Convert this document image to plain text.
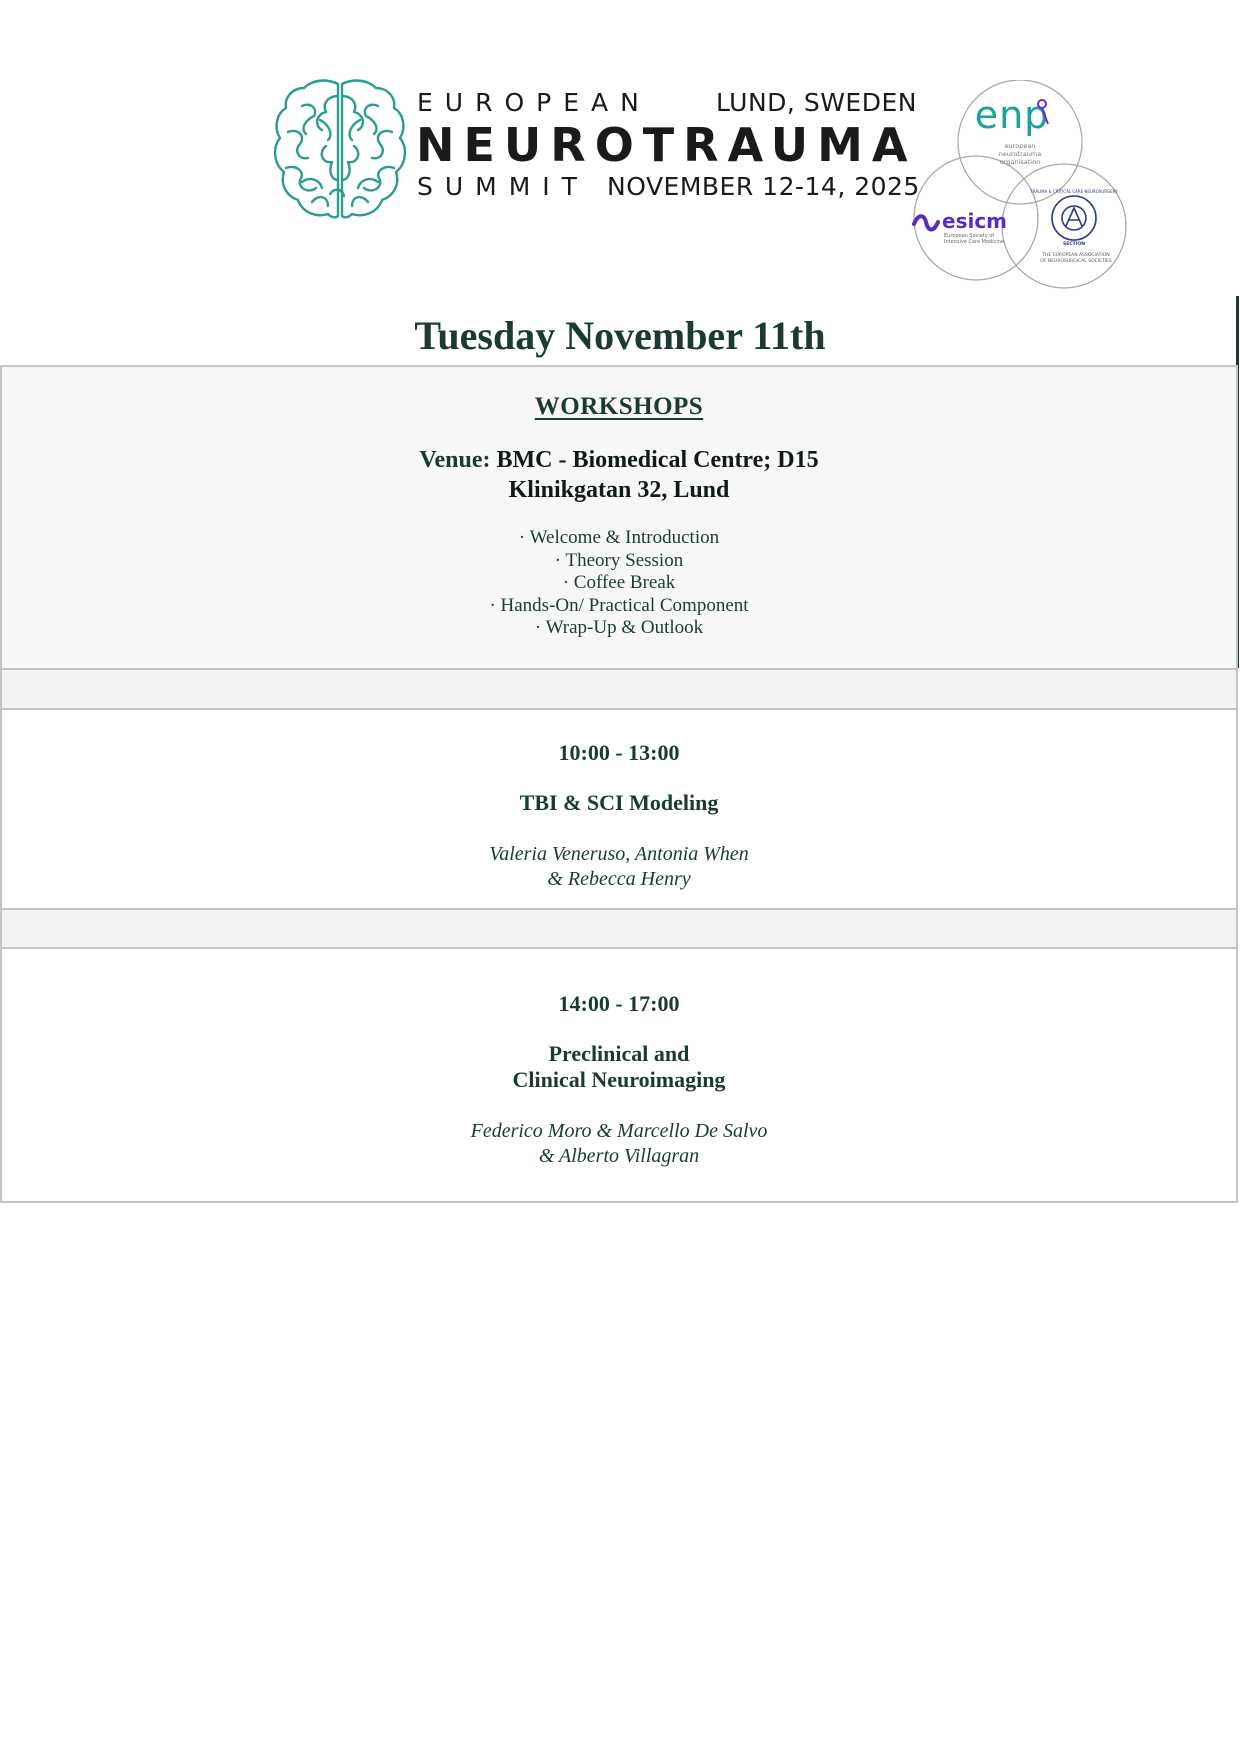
EUROPEAN	LUND, SWEDEN
NEUROTRAUMA
SUMMIT NOVEMBER 12-14, 2025
enp
european
neurotrauma
organisation
esicm
European Society of
Intensive Care Medicine
TRAUMA & CRITICAL CARE NEUROSURGERY
SECTION
THE EUROPEAN ASSOCIATION
OF NEUROSURGICAL SOCIETIES
Tuesday November 11th
WORKSHOPS
Venue: BMC - Biomedical Centre; D15
Klinikgatan 32, Lund
· Welcome & Introduction
· Theory Session
· Coffee Break
· Hands-On/ Practical Component
· Wrap-Up & Outlook
10:00 - 13:00
TBI & SCI Modeling
Valeria Veneruso, Antonia When
& Rebecca Henry
14:00 - 17:00
Preclinical and
Clinical Neuroimaging
Federico Moro & Marcello De Salvo
& Alberto Villagran
